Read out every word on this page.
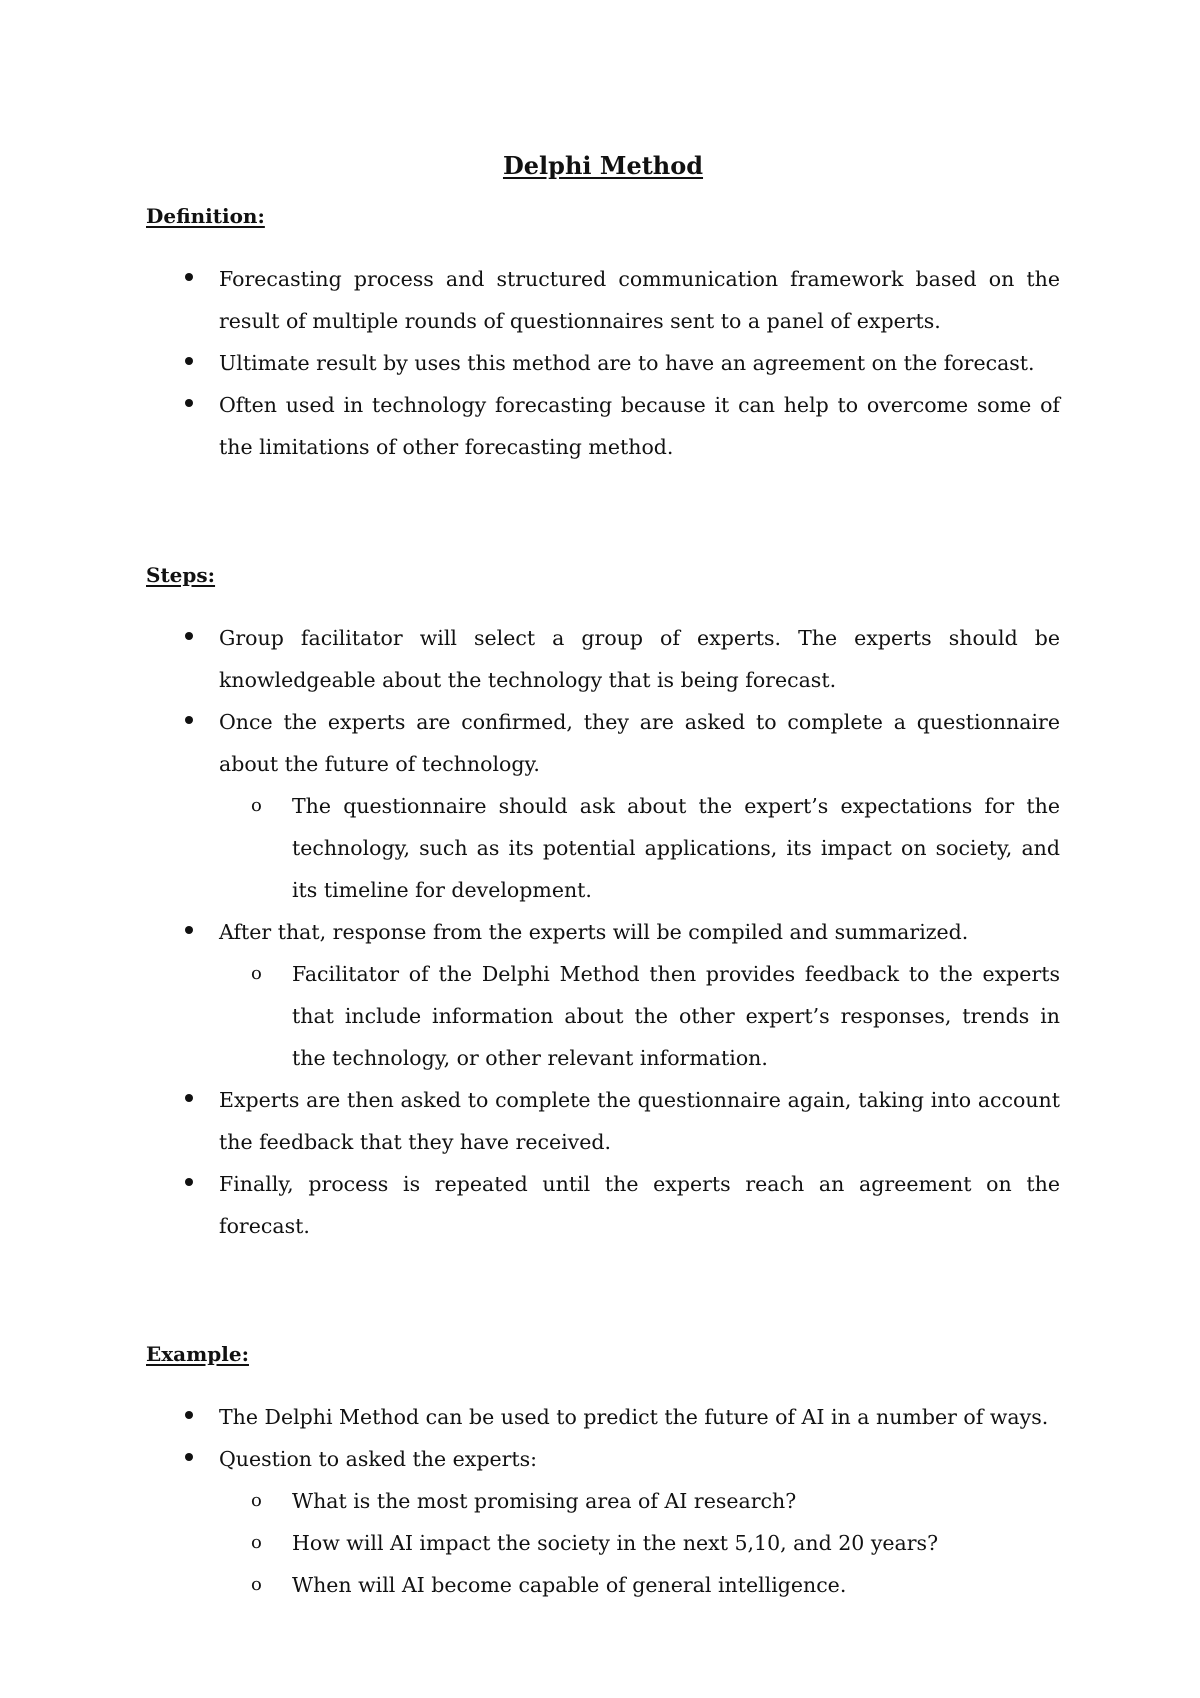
Delphi Method

Definition:

Forecasting process and structured communication framework based on the result of multiple rounds of questionnaires sent to a panel of experts.
Ultimate result by uses this method are to have an agreement on the forecast.
Often used in technology forecasting because it can help to overcome some of the limitations of other forecasting method.

Steps:

Group facilitator will select a group of experts. The experts should be knowledgeable about the technology that is being forecast.
Once the experts are confirmed, they are asked to complete a questionnaire about the future of technology.
o The questionnaire should ask about the expert’s expectations for the technology, such as its potential applications, its impact on society, and its timeline for development.
After that, response from the experts will be compiled and summarized.
o Facilitator of the Delphi Method then provides feedback to the experts that include information about the other expert’s responses, trends in the technology, or other relevant information.
Experts are then asked to complete the questionnaire again, taking into account the feedback that they have received.
Finally, process is repeated until the experts reach an agreement on the forecast.

Example:

The Delphi Method can be used to predict the future of AI in a number of ways.
Question to asked the experts:
o What is the most promising area of AI research?
o How will AI impact the society in the next 5,10, and 20 years?
o When will AI become capable of general intelligence.
